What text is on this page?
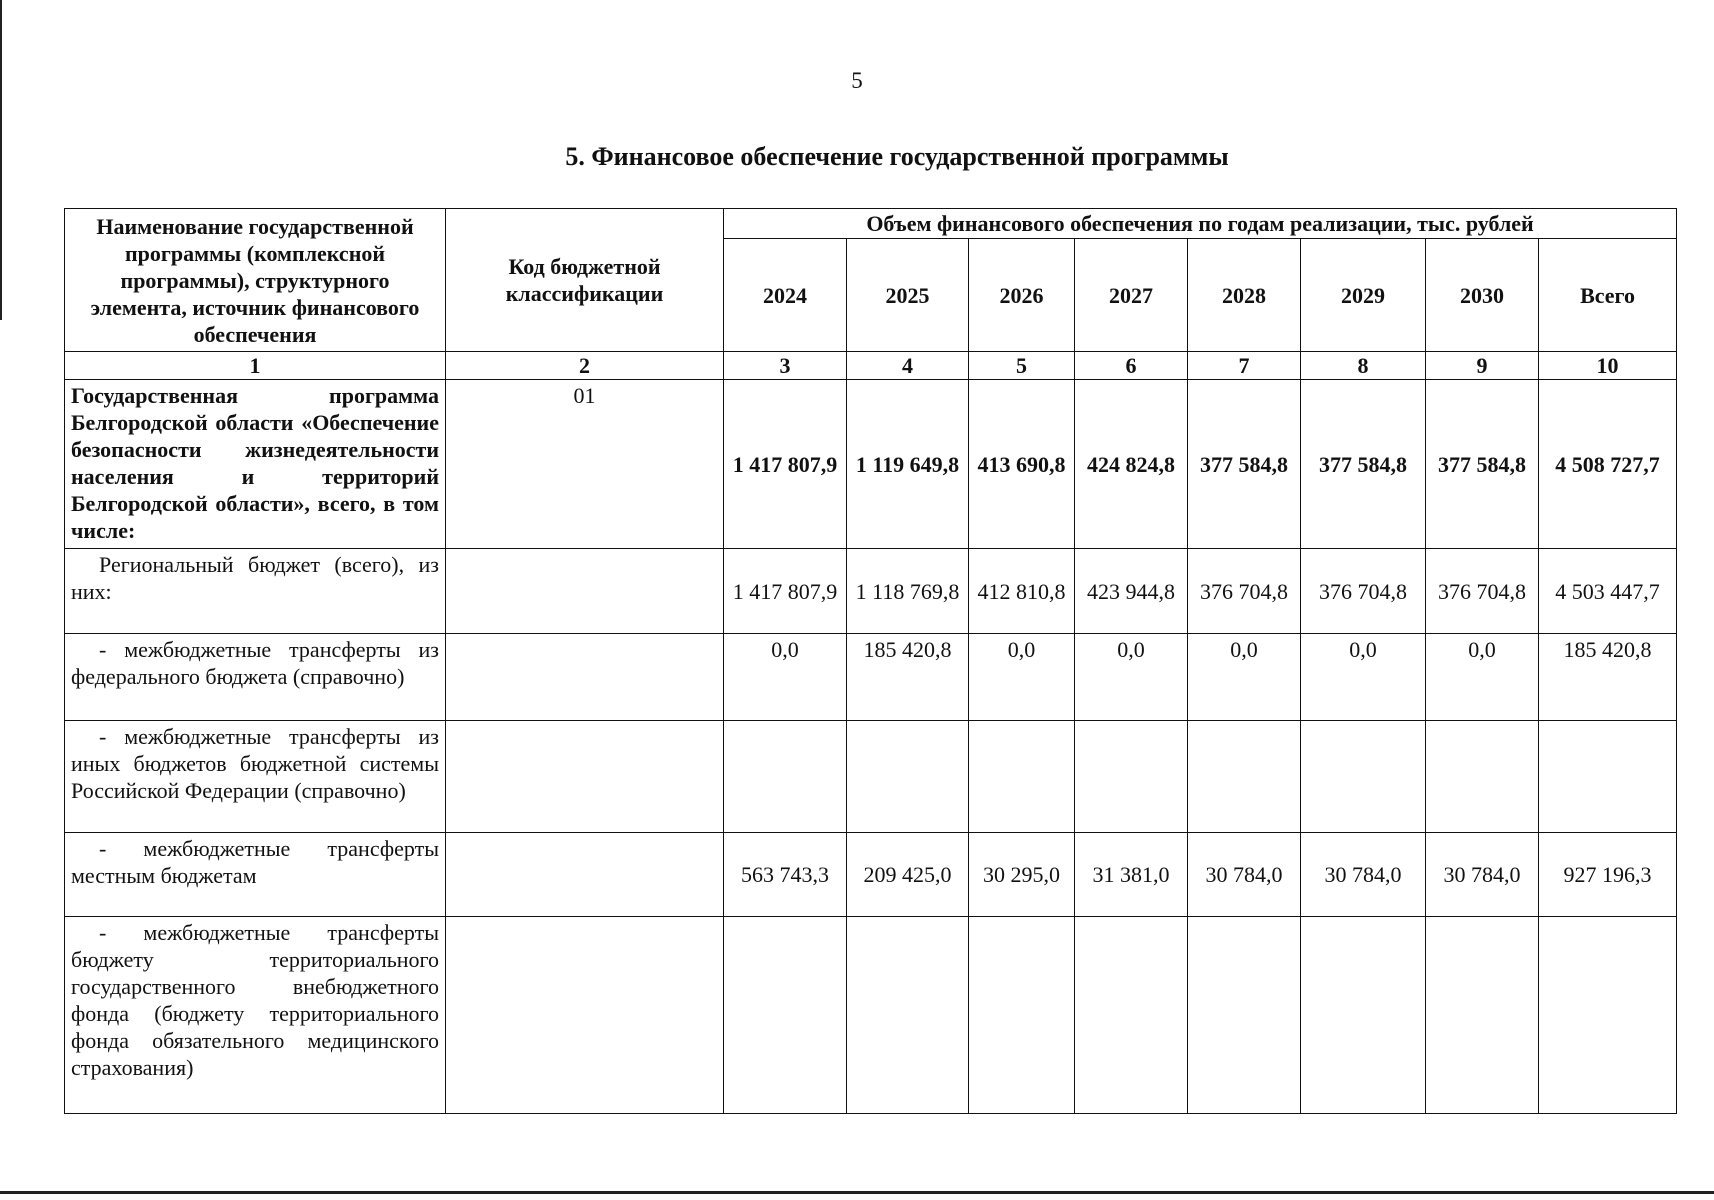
5
5. Финансовое обеспечение государственной программы
Наименование государственной программы (комплексной программы), структурного элемента, источник финансового обеспечения	Код бюджетной классификации	Объем финансового обеспечения по годам реализации, тыс. рублей							
		2024	2025	2026	2027	2028	2029	2030	Всего
1	2	3	4	5	6	7	8	9	10
Государственная программа Белгородской области «Обеспечение безопасности жизнедеятельности населения и территорий Белгородской области», всего, в том числе:	01	1 417 807,9	1 119 649,8	413 690,8	424 824,8	377 584,8	377 584,8	377 584,8	4 508 727,7
Региональный бюджет (всего), из них:		1 417 807,9	1 118 769,8	412 810,8	423 944,8	376 704,8	376 704,8	376 704,8	4 503 447,7
- межбюджетные трансферты из федерального бюджета (справочно)		0,0	185 420,8	0,0	0,0	0,0	0,0	0,0	185 420,8
- межбюджетные трансферты из иных бюджетов бюджетной системы Российской Федерации (справочно)									
- межбюджетные трансферты местным бюджетам		563 743,3	209 425,0	30 295,0	31 381,0	30 784,0	30 784,0	30 784,0	927 196,3
- межбюджетные трансферты бюджету территориального государственного внебюджетного фонда (бюджету территориального фонда обязательного медицинского страхования)									
